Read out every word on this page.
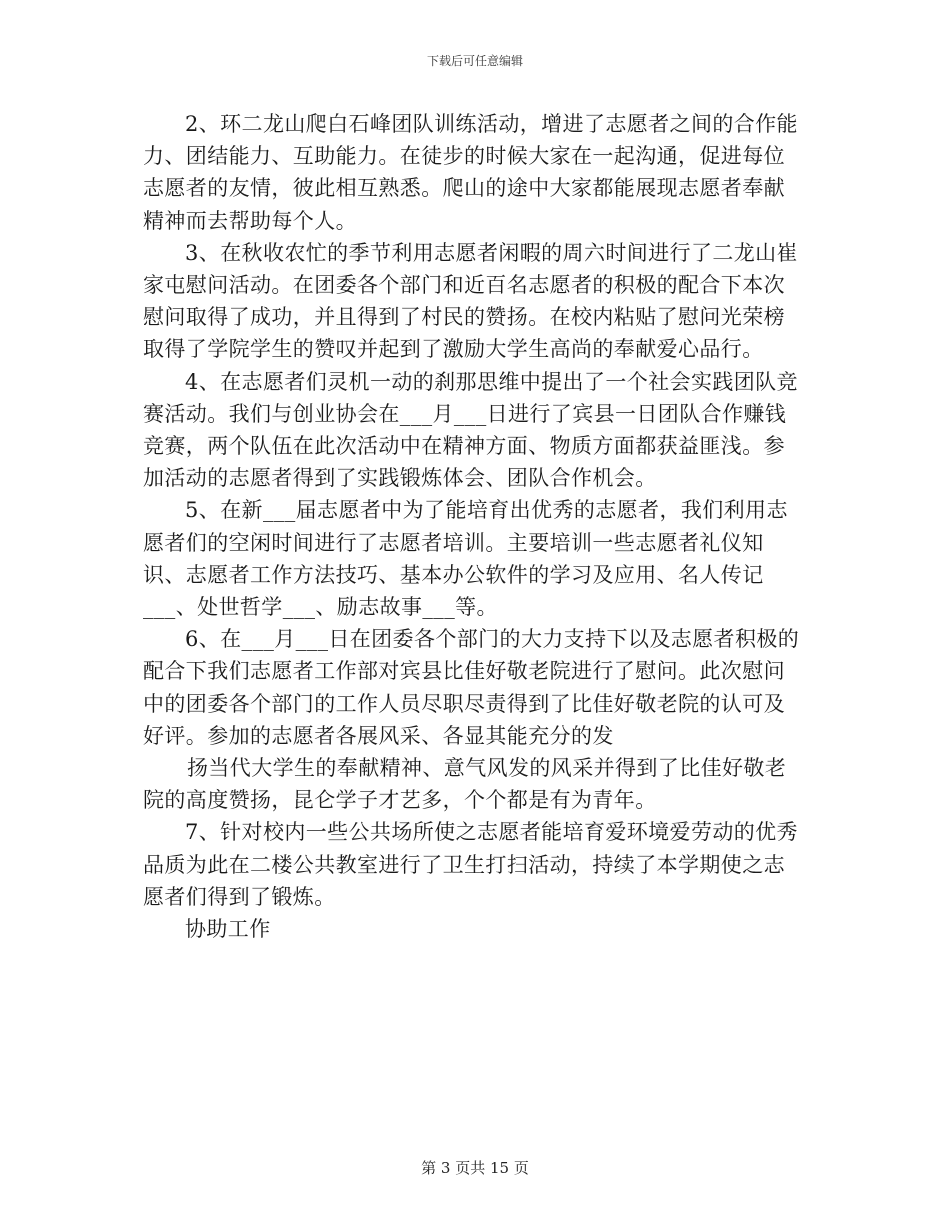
下载后可任意编辑

2、环二龙山爬白石峰团队训练活动，增进了志愿者之间的合作能力、团结能力、互助能力。在徒步的时候大家在一起沟通，促进每位志愿者的友情，彼此相互熟悉。爬山的途中大家都能展现志愿者奉献精神而去帮助每个人。

3、在秋收农忙的季节利用志愿者闲暇的周六时间进行了二龙山崔家屯慰问活动。在团委各个部门和近百名志愿者的积极的配合下本次慰问取得了成功，并且得到了村民的赞扬。在校内粘贴了慰问光荣榜取得了学院学生的赞叹并起到了激励大学生高尚的奉献爱心品行。

4、在志愿者们灵机一动的刹那思维中提出了一个社会实践团队竞赛活动。我们与创业协会在___月___日进行了宾县一日团队合作赚钱竞赛，两个队伍在此次活动中在精神方面、物质方面都获益匪浅。参加活动的志愿者得到了实践锻炼体会、团队合作机会。

5、在新___届志愿者中为了能培育出优秀的志愿者，我们利用志愿者们的空闲时间进行了志愿者培训。主要培训一些志愿者礼仪知识、志愿者工作方法技巧、基本办公软件的学习及应用、名人传记___、处世哲学___、励志故事___等。

6、在___月___日在团委各个部门的大力支持下以及志愿者积极的配合下我们志愿者工作部对宾县比佳好敬老院进行了慰问。此次慰问中的团委各个部门的工作人员尽职尽责得到了比佳好敬老院的认可及好评。参加的志愿者各展风采、各显其能充分的发

扬当代大学生的奉献精神、意气风发的风采并得到了比佳好敬老院的高度赞扬，昆仑学子才艺多，个个都是有为青年。

7、针对校内一些公共场所使之志愿者能培育爱环境爱劳动的优秀品质为此在二楼公共教室进行了卫生打扫活动，持续了本学期使之志愿者们得到了锻炼。

协助工作

第 3 页共 15 页
